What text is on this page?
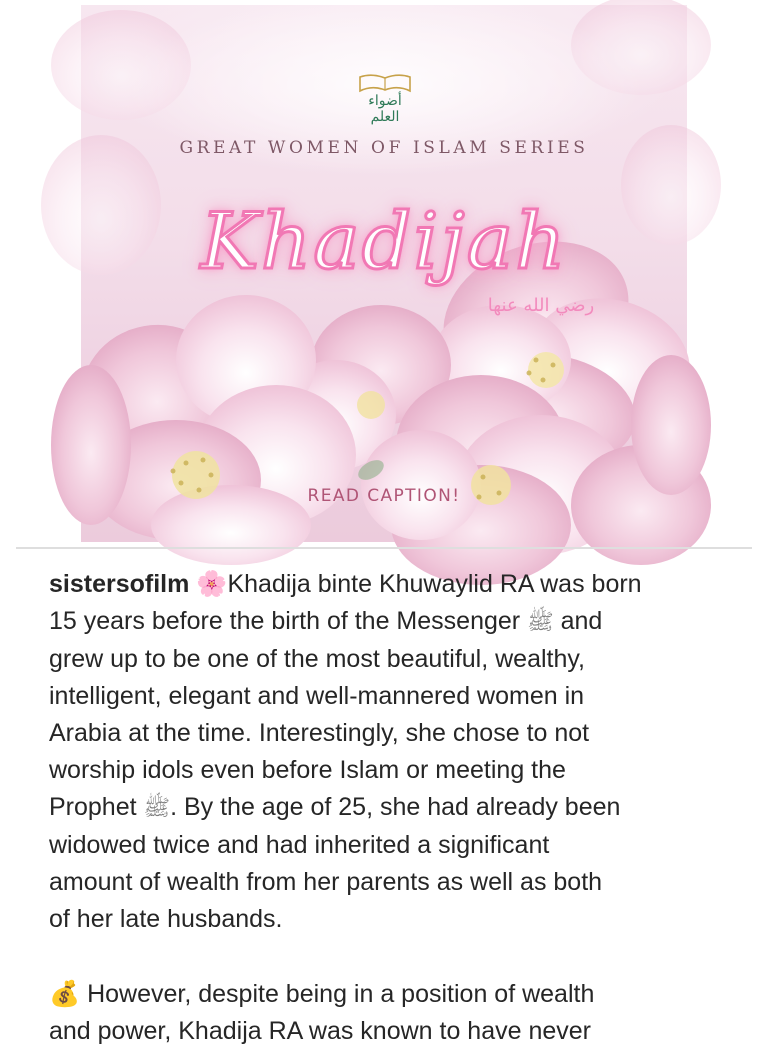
أضواء العلم
GREAT WOMEN OF ISLAM SERIES
Khadijah
رضي الله عنها
READ CAPTION!
sistersofilm 🌸Khadija binte Khuwaylid RA was born
15 years before the birth of the Messenger ﷺ and
grew up to be one of the most beautiful, wealthy,
intelligent, elegant and well-mannered women in
Arabia at the time. Interestingly, she chose to not
worship idols even before Islam or meeting the
Prophet ﷺ. By the age of 25, she had already been
widowed twice and had inherited a significant
amount of wealth from her parents as well as both
of her late husbands.
💰 However, despite being in a position of wealth
and power, Khadija RA was known to have never
